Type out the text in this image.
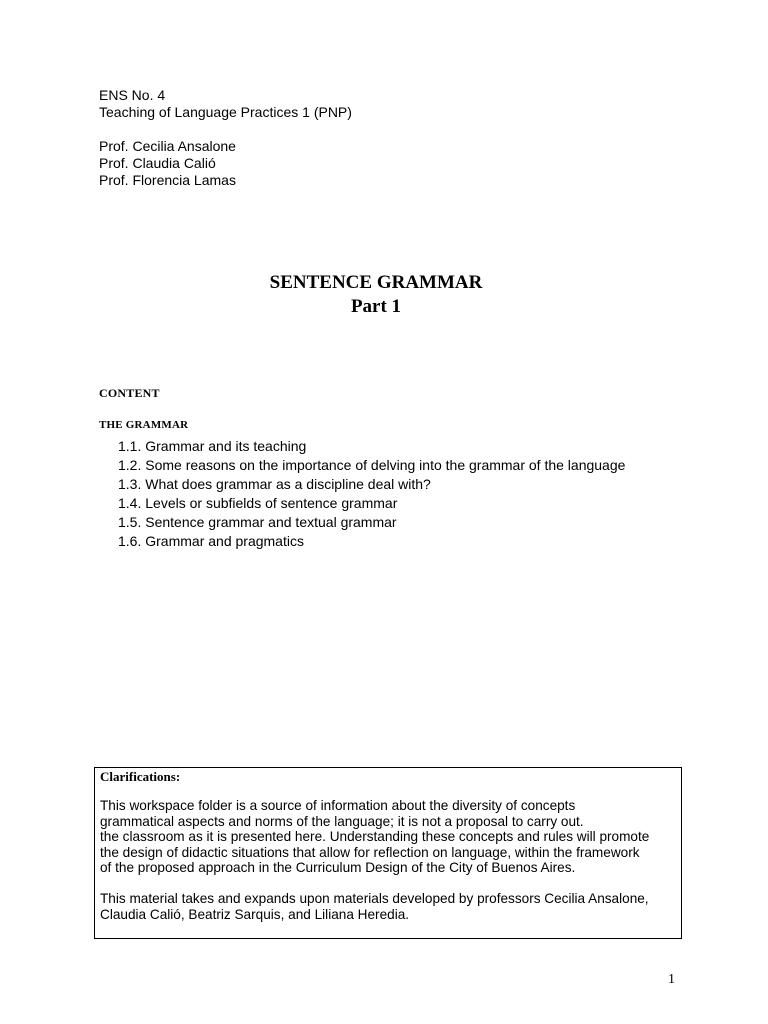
ENS No. 4
Teaching of Language Practices 1 (PNP)
Prof. Cecilia Ansalone
Prof. Claudia Calió
Prof. Florencia Lamas
SENTENCE GRAMMAR
Part 1
CONTENT
THE GRAMMAR
1.1. Grammar and its teaching
1.2. Some reasons on the importance of delving into the grammar of the language
1.3. What does grammar as a discipline deal with?
1.4. Levels or subfields of sentence grammar
1.5. Sentence grammar and textual grammar
1.6. Grammar and pragmatics
Clarifications:
This workspace folder is a source of information about the diversity of concepts
grammatical aspects and norms of the language; it is not a proposal to carry out.
the classroom as it is presented here. Understanding these concepts and rules will promote
the design of didactic situations that allow for reflection on language, within the framework
of the proposed approach in the Curriculum Design of the City of Buenos Aires.
This material takes and expands upon materials developed by professors Cecilia Ansalone,
Claudia Calió, Beatriz Sarquis, and Liliana Heredia.
1
